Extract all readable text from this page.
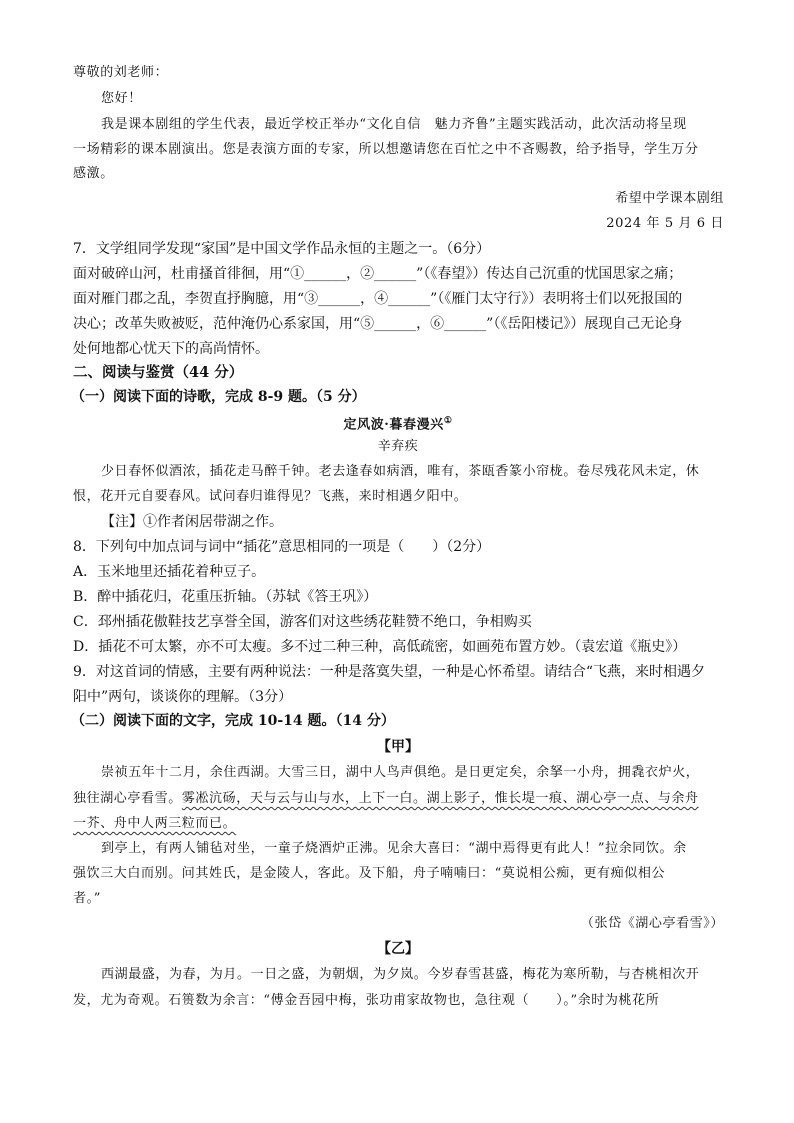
尊敬的刘老师：
您好！
我是课本剧组的学生代表，最近学校正举办“文化自信　魅力齐鲁”主题实践活动，此次活动将呈现
一场精彩的课本剧演出。您是表演方面的专家，所以想邀请您在百忙之中不吝赐教，给予指导，学生万分
感激。
希望中学课本剧组
2024 年 5 月 6 日
7．文学组同学发现“家国”是中国文学作品永恒的主题之一。（6分）
面对破碎山河，杜甫搔首徘徊，用“①______，②______”（《春望》）传达自己沉重的忧国思家之痛；
面对雁门郡之乱，李贺直抒胸臆，用“③______，④______”（《雁门太守行》）表明将士们以死报国的
决心；改革失败被贬，范仲淹仍心系家国，用“⑤______，⑥______”（《岳阳楼记》）展现自己无论身
处何地都心忧天下的高尚情怀。
二、阅读与鉴赏（44 分）
（一）阅读下面的诗歌，完成 8-9 题。（5 分）
定风波·暮春漫兴①
辛弃疾
少日春怀似酒浓，插花走马醉千钟。老去逢春如病酒，唯有，茶瓯香篆小帘栊。卷尽残花风未定，休
恨，花开元自要春风。试问春归谁得见？飞燕，来时相遇夕阳中。
【注】①作者闲居带湖之作。
8．下列句中加点词与词中“插花”意思相同的一项是（　　）（2分）
A．玉米地里还插花着种豆子。
B．醉中插花归，花重压折轴。（苏轼《答王巩》）
C．邳州插花傲鞋技艺享誉全国，游客们对这些绣花鞋赞不绝口，争相购买
D．插花不可太繁，亦不可太瘦。多不过二种三种，高低疏密，如画苑布置方妙。（袁宏道《瓶史》）
9．对这首词的情感，主要有两种说法：一种是落寞失望，一种是心怀希望。请结合“飞燕，来时相遇夕
阳中”两句，谈谈你的理解。（3分）
（二）阅读下面的文字，完成 10-14 题。（14 分）
【甲】
崇祯五年十二月，余住西湖。大雪三日，湖中人鸟声俱绝。是日更定矣，余拏一小舟，拥毳衣炉火，
独往湖心亭看雪。雾凇沆砀，天与云与山与水，上下一白。湖上影子，惟长堤一痕、湖心亭一点、与余舟
一芥、舟中人两三粒而已。
到亭上，有两人铺毡对坐，一童子烧酒炉正沸。见余大喜曰：“湖中焉得更有此人！”拉余同饮。余
强饮三大白而别。问其姓氏，是金陵人，客此。及下船，舟子喃喃曰：“莫说相公痴，更有痴似相公
者。”
（张岱《湖心亭看雪》）
【乙】
西湖最盛，为春，为月。一日之盛，为朝烟，为夕岚。今岁春雪甚盛，梅花为寒所勒，与杏桃相次开
发，尤为奇观。石篑数为余言：“傅金吾园中梅，张功甫家故物也，急往观（　　）。”余时为桃花所
